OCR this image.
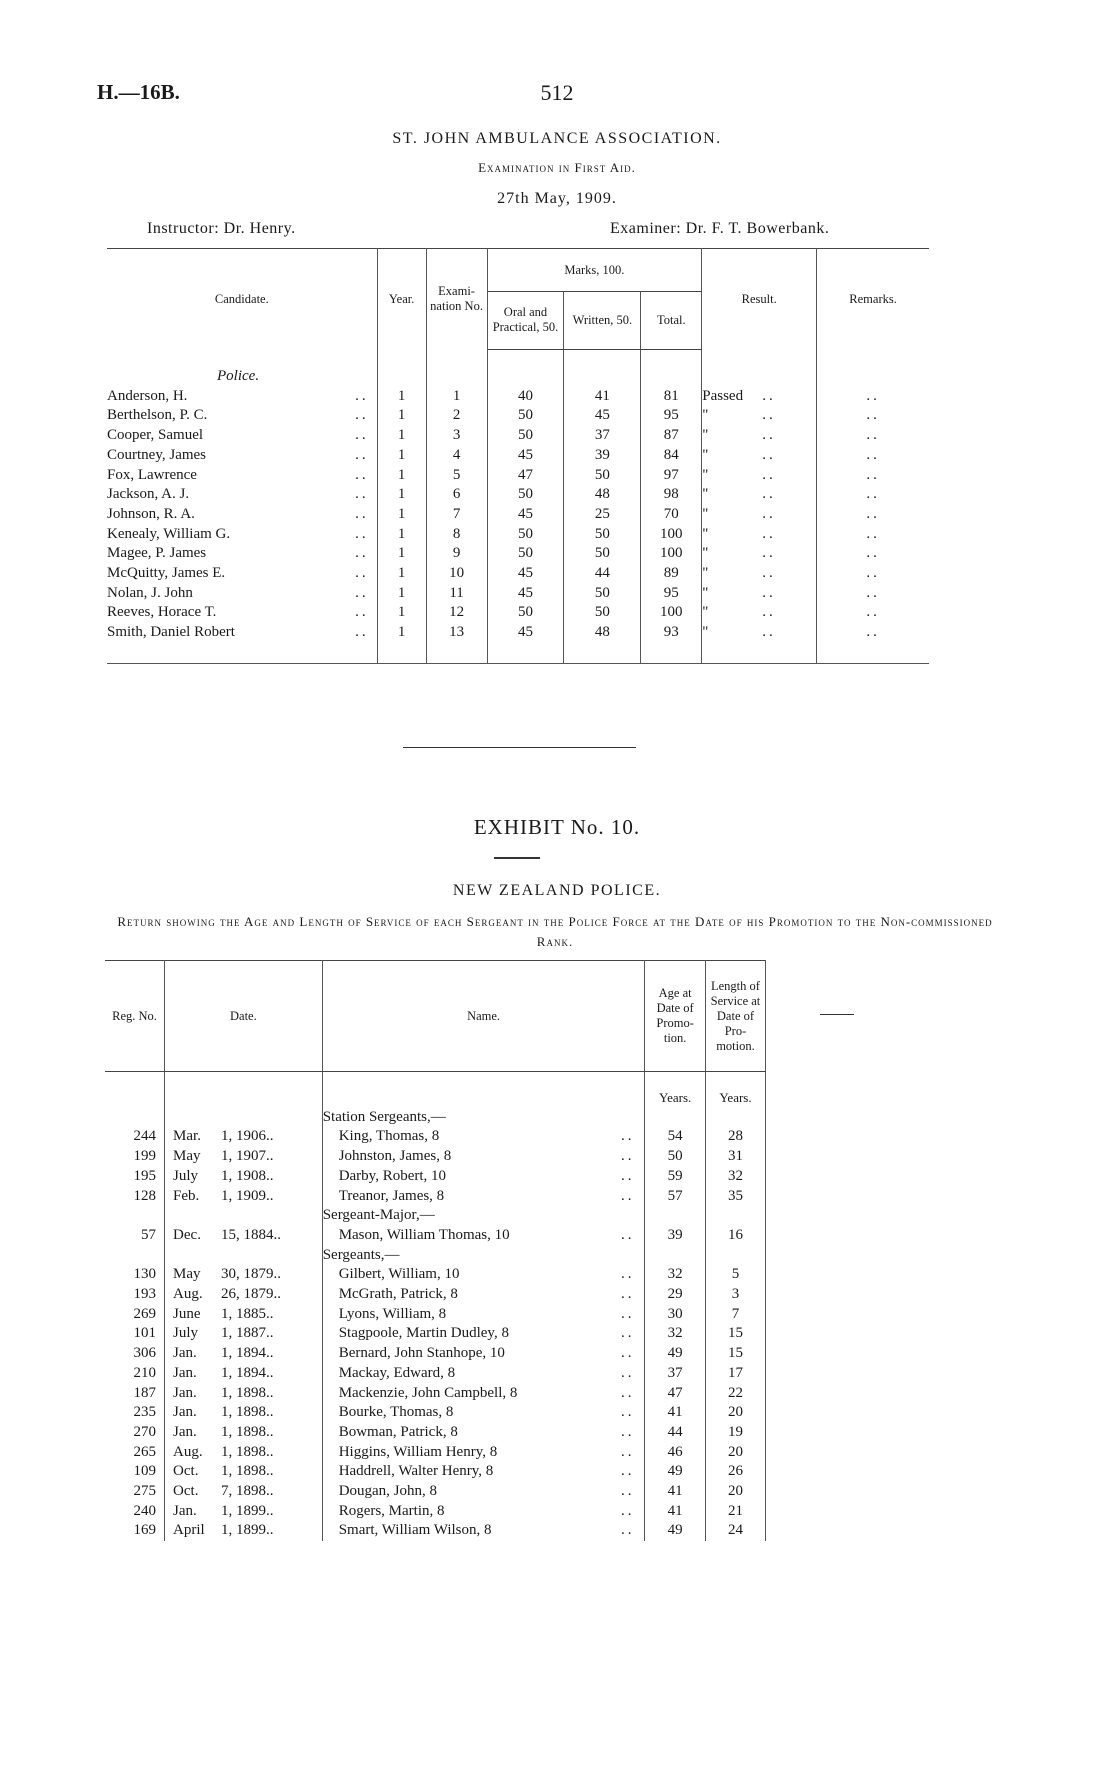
H.—16B.	512
ST. JOHN AMBULANCE ASSOCIATION.
Examination in First Aid.
27th May, 1909.
Instructor: Dr. Henry.	Examiner: Dr. F. T. Bowerbank.
Candidate.	Year.	Exami-nation No.	Marks, 100.			Result.	Remarks.
			Oral and Practical, 50.	Written, 50.	Total.		
Police.							
Anderson, H. ..	1	1	40	41	81	Passed ..	..
Berthelson, P. C. ..	1	2	50	45	95	" ..	..
Cooper, Samuel ..	1	3	50	37	87	" ..	..
Courtney, James ..	1	4	45	39	84	" ..	..
Fox, Lawrence ..	1	5	47	50	97	" ..	..
Jackson, A. J. ..	1	6	50	48	98	" ..	..
Johnson, R. A. ..	1	7	45	25	70	" ..	..
Kenealy, William G. ..	1	8	50	50	100	" ..	..
Magee, P. James ..	1	9	50	50	100	" ..	..
McQuitty, James E. ..	1	10	45	44	89	" ..	..
Nolan, J. John ..	1	11	45	50	95	" ..	..
Reeves, Horace T. ..	1	12	50	50	100	" ..	..
Smith, Daniel Robert ..	1	13	45	48	93	" ..	..
EXHIBIT No. 10.
NEW ZEALAND POLICE.
Return showing the Age and Length of Service of each Sergeant in the Police Force at the Date of his Promotion to the Non-commissioned Rank.
Reg. No.	Date.	Name.	Age at Date of Promo-tion.	Length of Service at Date of Pro-motion.	
			Years.	Years.	
		Station Sergeants,—			
244	Mar. 1, 1906..	King, Thomas, 8 ..	54	28	
199	May 1, 1907..	Johnston, James, 8 ..	50	31	
195	July 1, 1908..	Darby, Robert, 10 ..	59	32	
128	Feb. 1, 1909..	Treanor, James, 8 ..	57	35	
		Sergeant-Major,—			
57	Dec. 15, 1884..	Mason, William Thomas, 10 ..	39	16	
		Sergeants,—			
130	May 30, 1879..	Gilbert, William, 10 ..	32	5	
193	Aug. 26, 1879..	McGrath, Patrick, 8 ..	29	3	
269	June 1, 1885..	Lyons, William, 8 ..	30	7	
101	July 1, 1887..	Stagpoole, Martin Dudley, 8 ..	32	15	
306	Jan. 1, 1894..	Bernard, John Stanhope, 10 ..	49	15	
210	Jan. 1, 1894..	Mackay, Edward, 8 ..	37	17	
187	Jan. 1, 1898..	Mackenzie, John Campbell, 8 ..	47	22	
235	Jan. 1, 1898..	Bourke, Thomas, 8 ..	41	20	
270	Jan. 1, 1898..	Bowman, Patrick, 8 ..	44	19	
265	Aug. 1, 1898..	Higgins, William Henry, 8 ..	46	20	
109	Oct. 1, 1898..	Haddrell, Walter Henry, 8 ..	49	26	
275	Oct. 7, 1898..	Dougan, John, 8 ..	41	20	
240	Jan. 1, 1899..	Rogers, Martin, 8 ..	41	21	
169	April 1, 1899..	Smart, William Wilson, 8 ..	49	24	
